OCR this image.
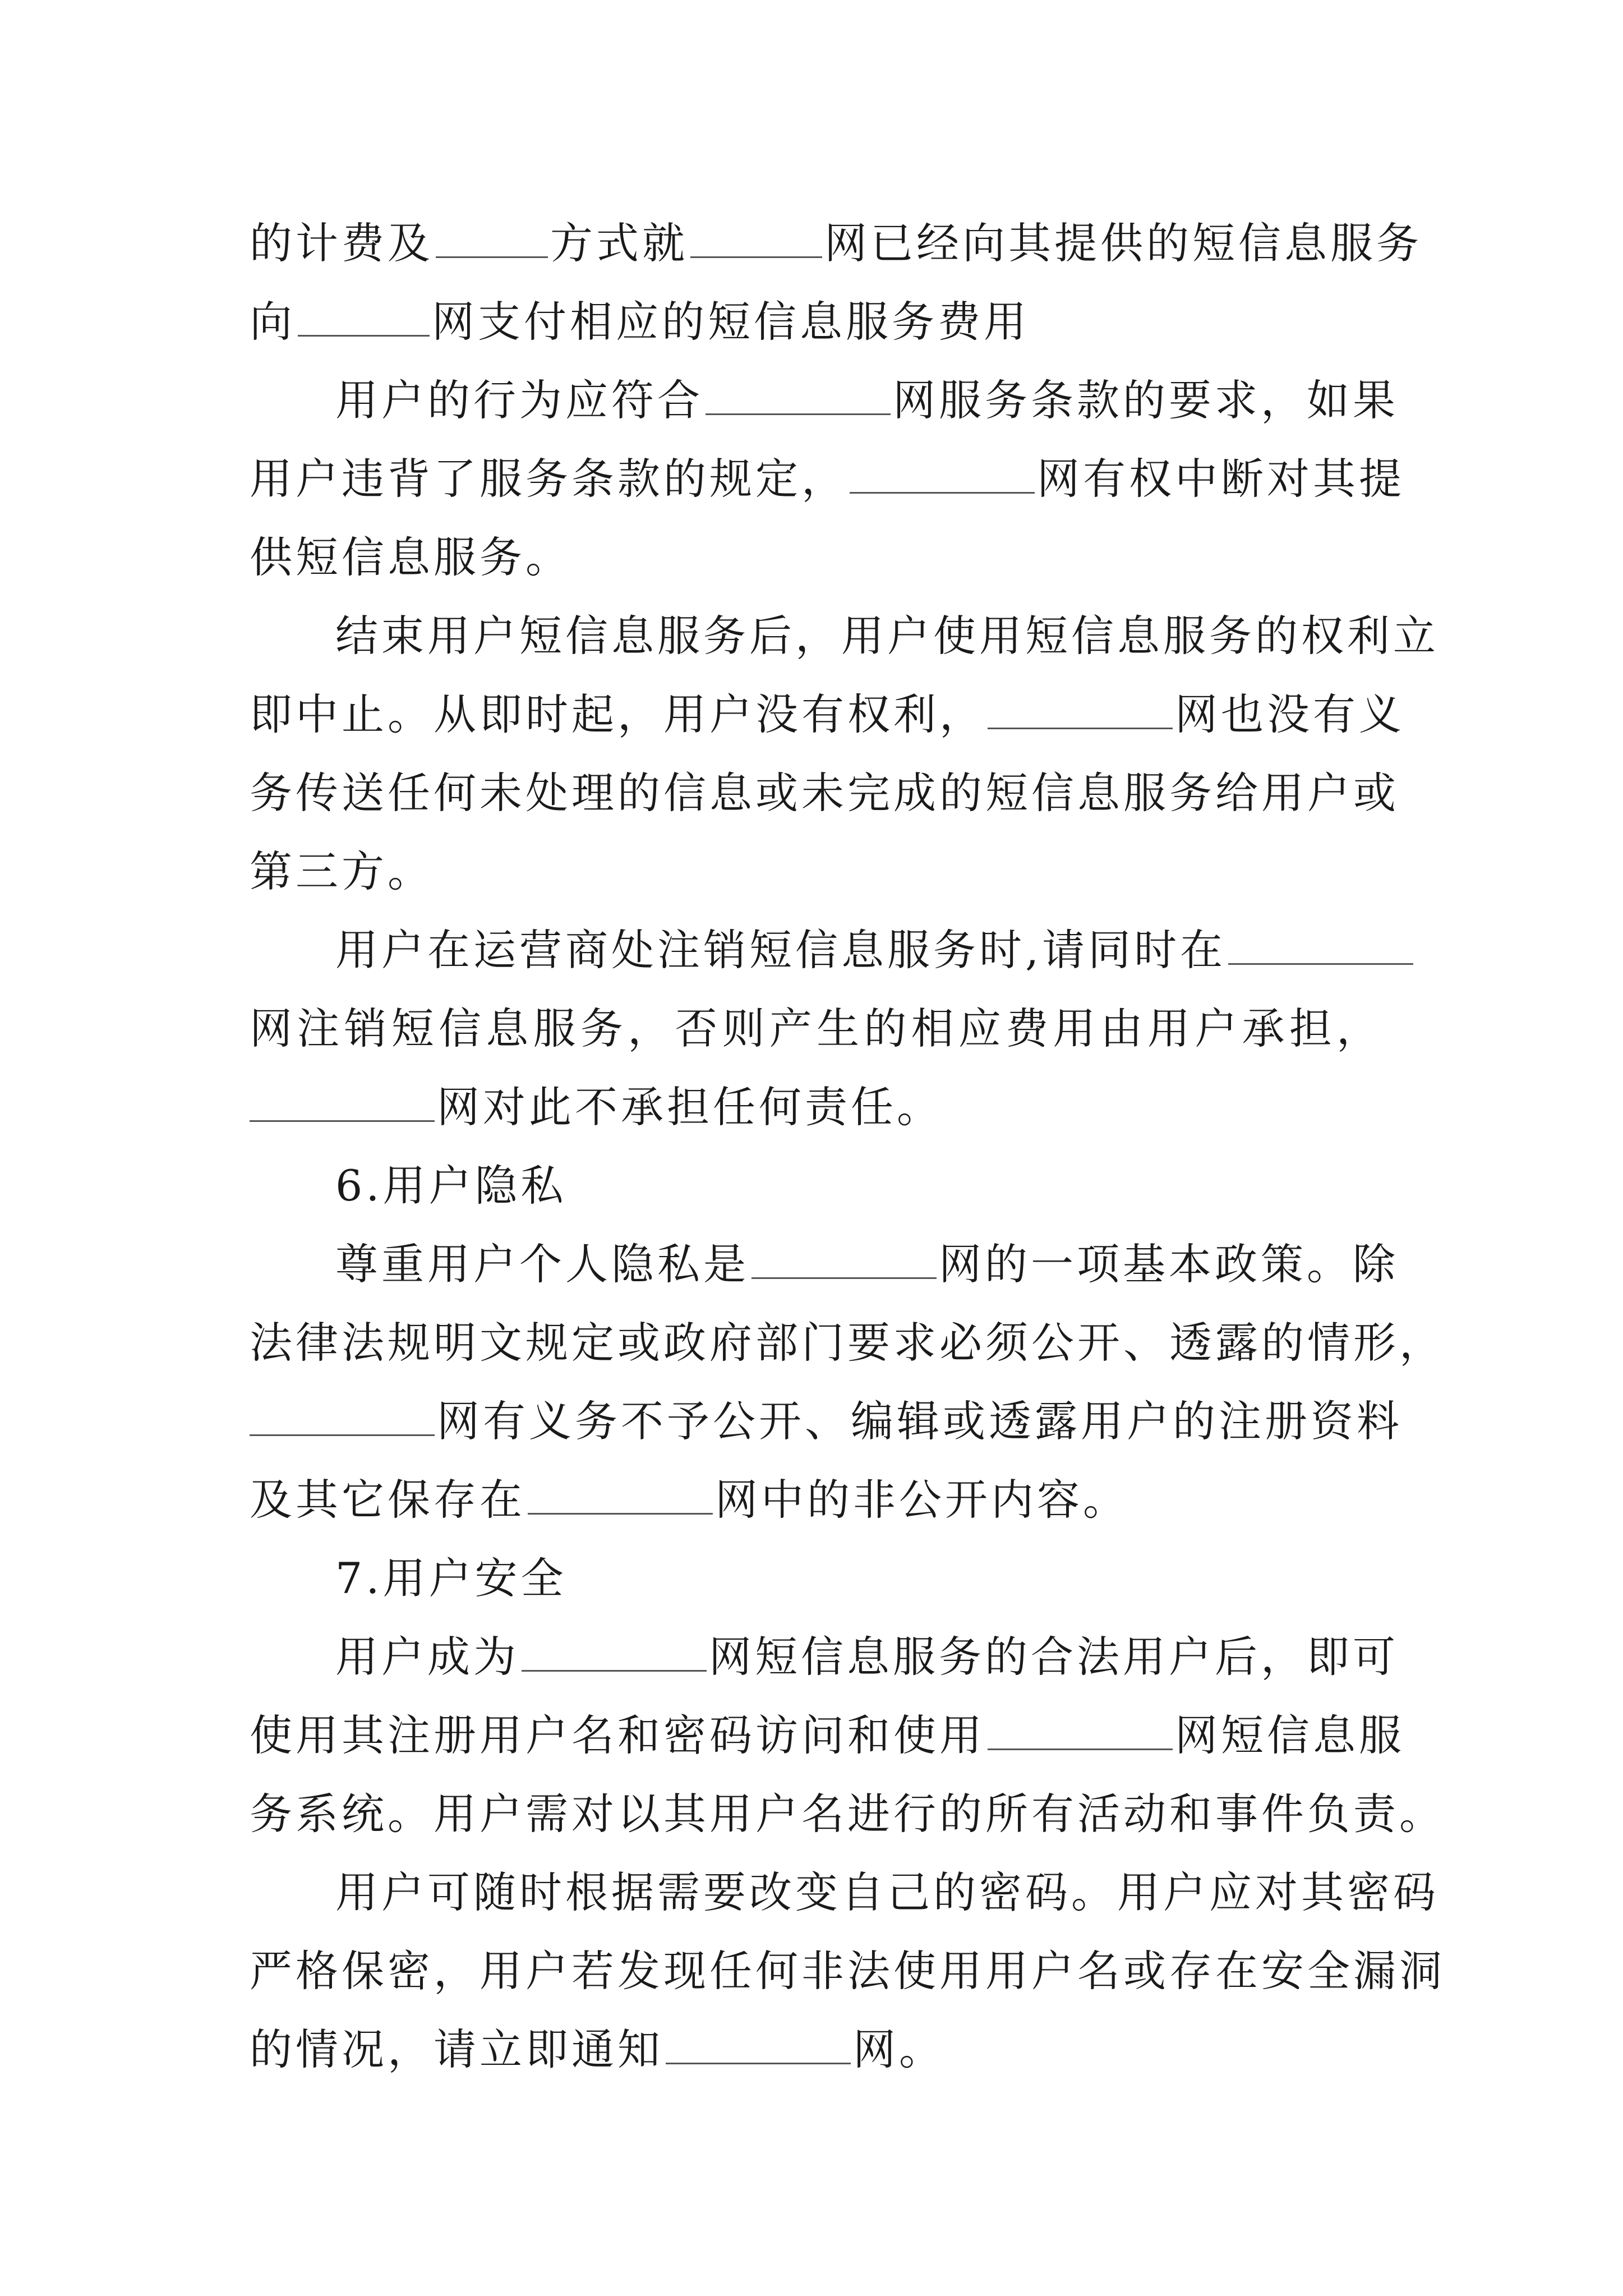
的计费及	方式就	网已经向其提供的短信息服务
向	网支付相应的短信息服务费用
用户的行为应符合	网服务条款的要求，如果
用户违背了服务条款的规定，	网有权中断对其提
供短信息服务。
结束用户短信息服务后，用户使用短信息服务的权利立
即中止。从即时起，用户没有权利，	网也没有义
务传送任何未处理的信息或未完成的短信息服务给用户或
第三方。
用户在运营商处注销短信息服务时,请同时在
网注销短信息服务，否则产生的相应费用由用户承担，
网对此不承担任何责任。
6.用户隐私
尊重用户个人隐私是	网的一项基本政策。除
法律法规明文规定或政府部门要求必须公开、透露的情形，
网有义务不予公开、编辑或透露用户的注册资料
及其它保存在	网中的非公开内容。
7.用户安全
用户成为	网短信息服务的合法用户后，即可
使用其注册用户名和密码访问和使用	网短信息服
务系统。用户需对以其用户名进行的所有活动和事件负责。
用户可随时根据需要改变自己的密码。用户应对其密码
严格保密，用户若发现任何非法使用用户名或存在安全漏洞
的情况，请立即通知	网。
